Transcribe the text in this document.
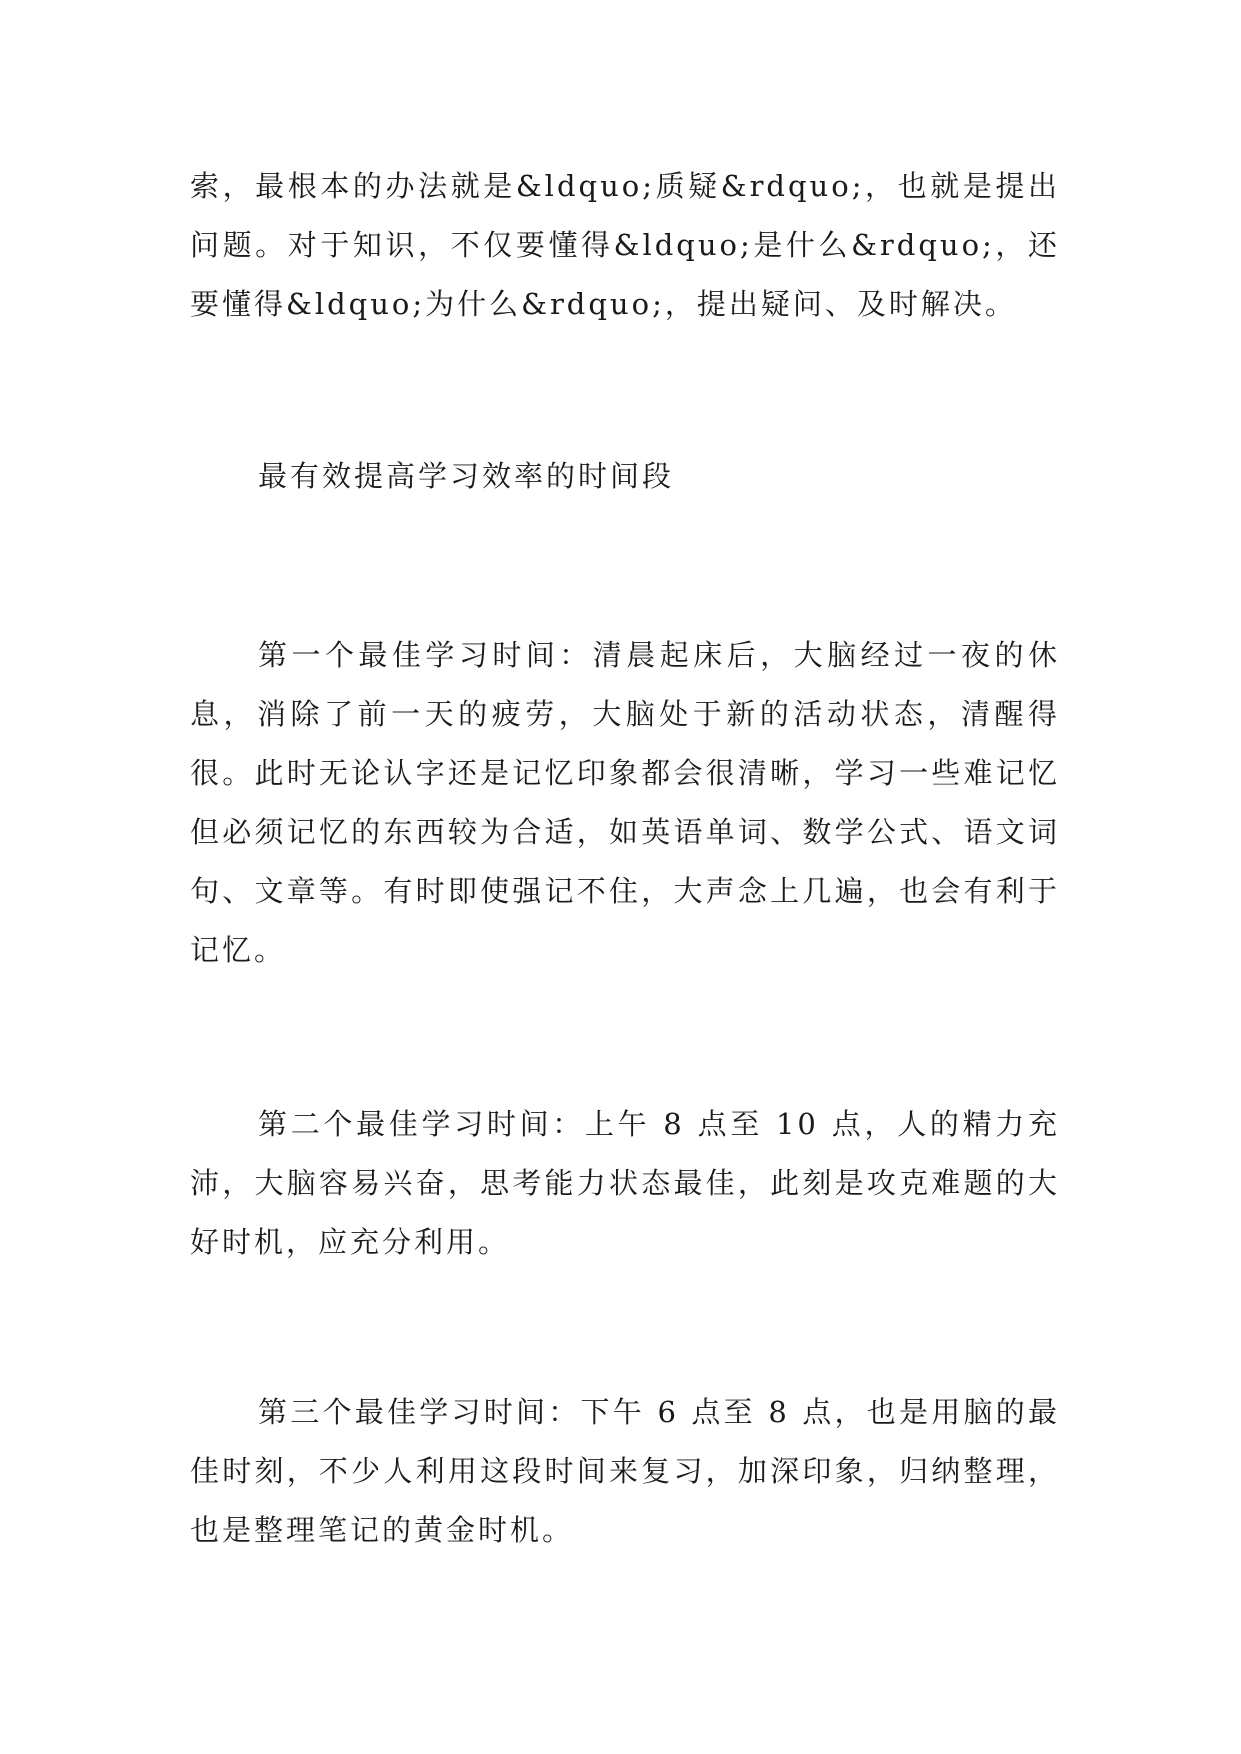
索，最根本的办法就是&ldquo;质疑&rdquo;，也就是提出问题。对于知识，不仅要懂得&ldquo;是什么&rdquo;，还要懂得&ldquo;为什么&rdquo;，提出疑问、及时解决。

最有效提高学习效率的时间段

第一个最佳学习时间：清晨起床后，大脑经过一夜的休息，消除了前一天的疲劳，大脑处于新的活动状态，清醒得很。此时无论认字还是记忆印象都会很清晰，学习一些难记忆但必须记忆的东西较为合适，如英语单词、数学公式、语文词句、文章等。有时即使强记不住，大声念上几遍，也会有利于记忆。

第二个最佳学习时间：上午 8 点至 10 点，人的精力充沛，大脑容易兴奋，思考能力状态最佳，此刻是攻克难题的大好时机，应充分利用。

第三个最佳学习时间：下午 6 点至 8 点，也是用脑的最佳时刻，不少人利用这段时间来复习，加深印象，归纳整理，也是整理笔记的黄金时机。
